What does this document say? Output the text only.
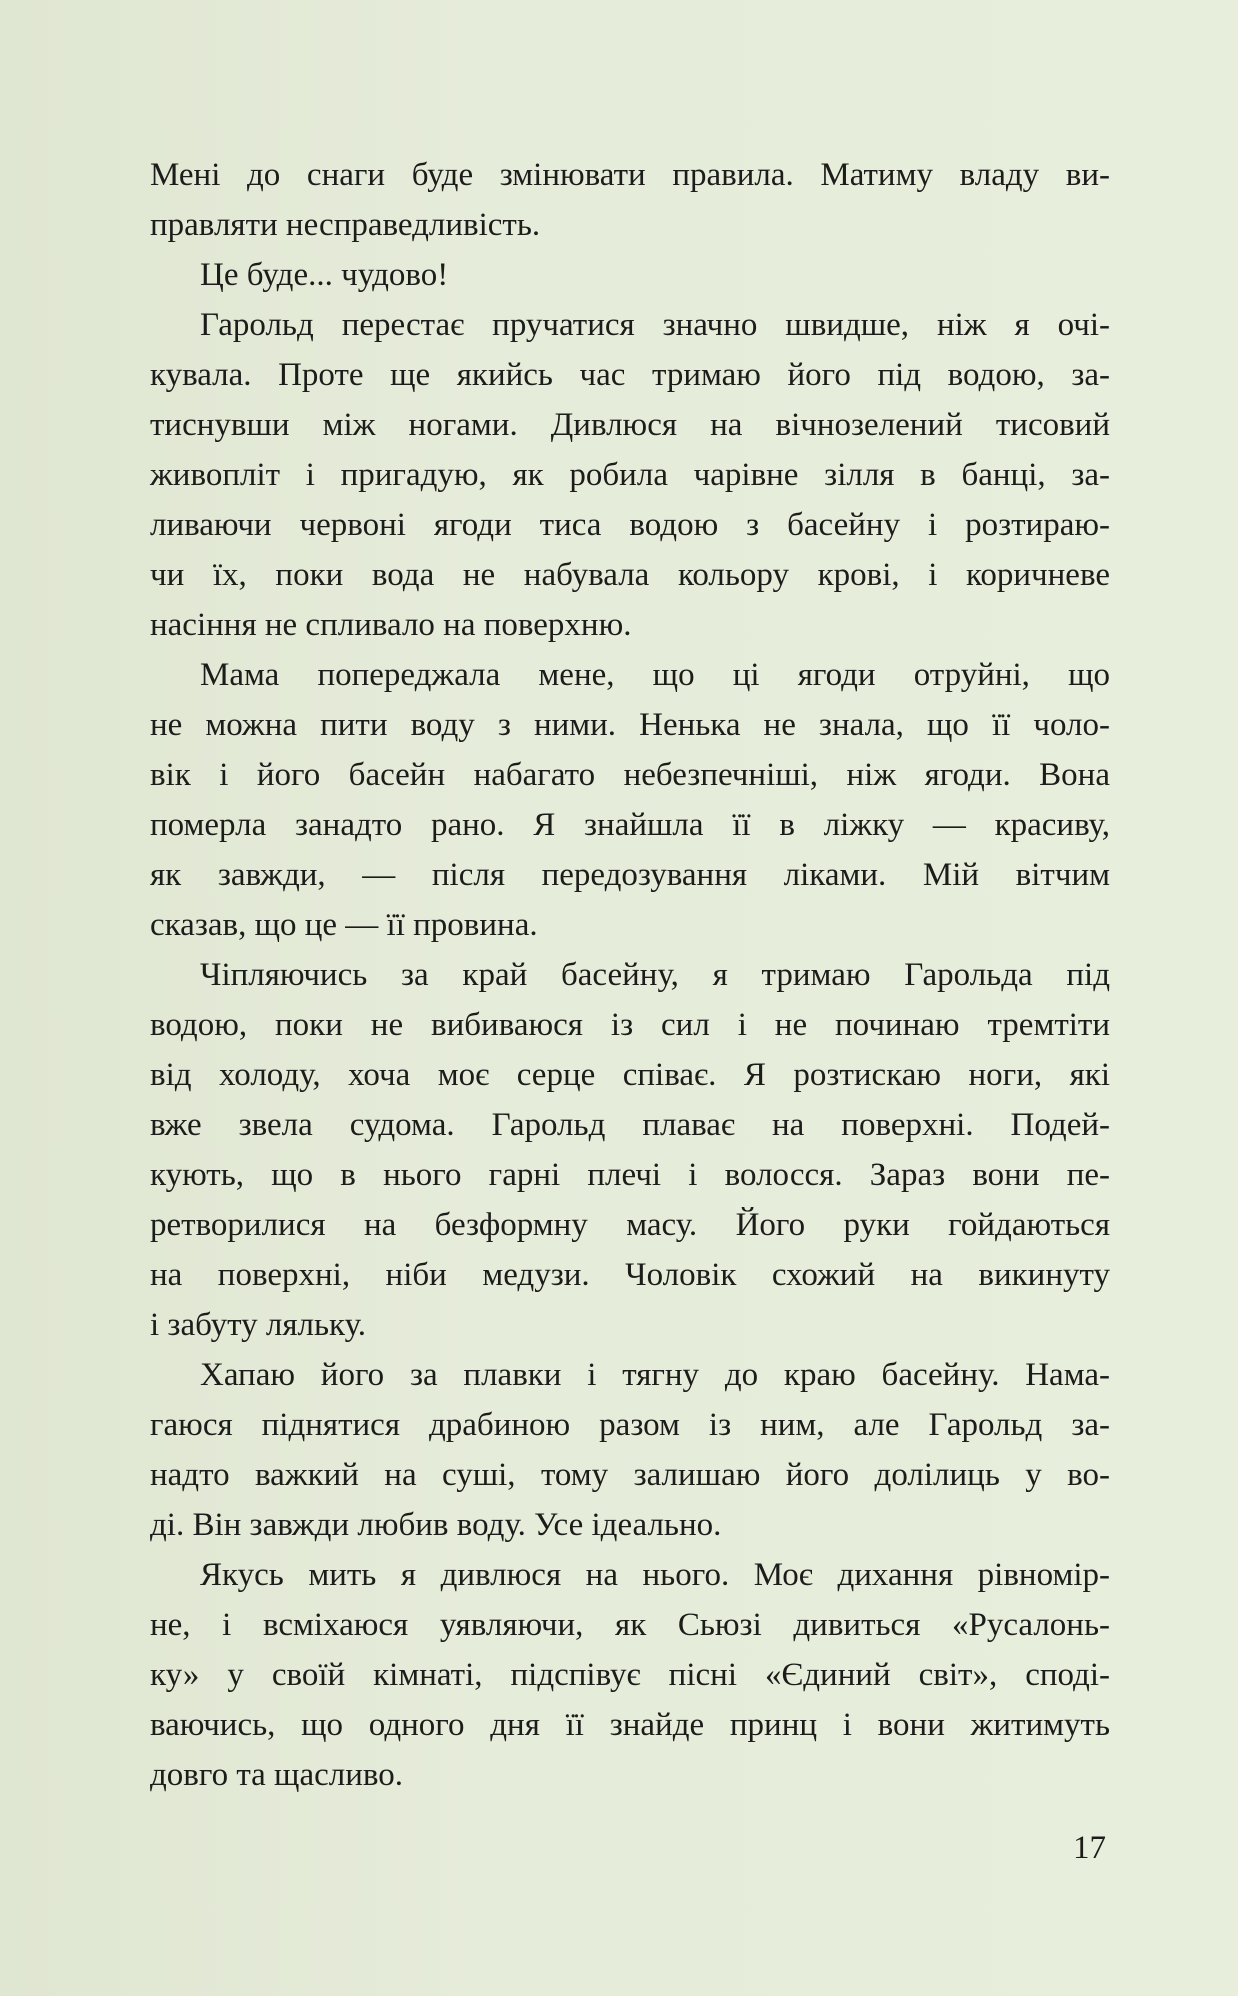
Мені до снаги буде змінювати правила. Матиму владу ви-
правляти несправедливість.
Це буде... чудово!
Гарольд перестає пручатися значно швидше, ніж я очі-
кувала. Проте ще якийсь час тримаю його під водою, за-
тиснувши між ногами. Дивлюся на вічнозелений тисовий
живопліт і пригадую, як робила чарівне зілля в банці, за-
ливаючи червоні ягоди тиса водою з басейну і розтираю-
чи їх, поки вода не набувала кольору крові, і коричневе
насіння не спливало на поверхню.
Мама попереджала мене, що ці ягоди отруйні, що
не можна пити воду з ними. Ненька не знала, що її чоло-
вік і його басейн набагато небезпечніші, ніж ягоди. Вона
померла занадто рано. Я знайшла її в ліжку — красиву,
як завжди, — після передозування ліками. Мій вітчим
сказав, що це — її провина.
Чіпляючись за край басейну, я тримаю Гарольда під
водою, поки не вибиваюся із сил і не починаю тремтіти
від холоду, хоча моє серце співає. Я розтискаю ноги, які
вже звела судома. Гарольд плаває на поверхні. Подей-
кують, що в нього гарні плечі і волосся. Зараз вони пе-
ретворилися на безформну масу. Його руки гойдаються
на поверхні, ніби медузи. Чоловік схожий на викинуту
і забуту ляльку.
Хапаю його за плавки і тягну до краю басейну. Нама-
гаюся піднятися драбиною разом із ним, але Гарольд за-
надто важкий на суші, тому залишаю його долілиць у во-
ді. Він завжди любив воду. Усе ідеально.
Якусь мить я дивлюся на нього. Моє дихання рівномір-
не, і всміхаюся уявляючи, як Сьюзі дивиться «Русалонь-
ку» у своїй кімнаті, підспівує пісні «Єдиний світ», споді-
ваючись, що одного дня її знайде принц і вони житимуть
довго та щасливо.
17
